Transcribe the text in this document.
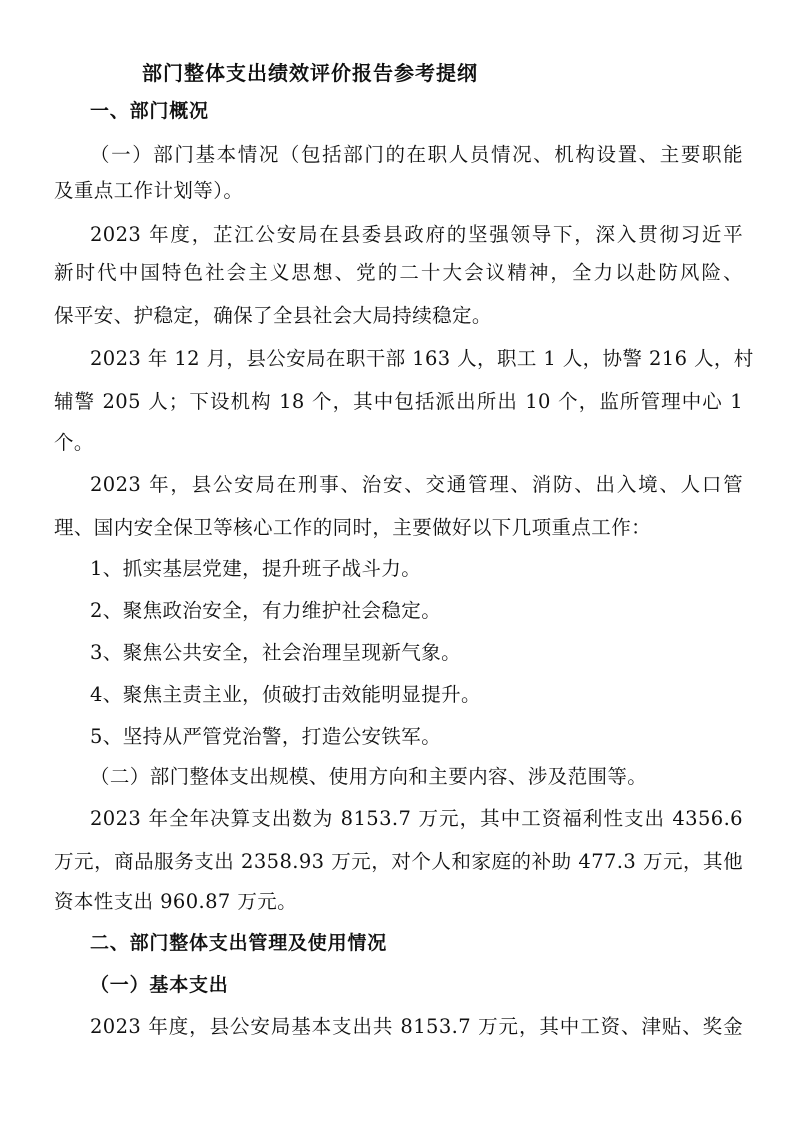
部门整体支出绩效评价报告参考提纲
一、部门概况
（一）部门基本情况（包括部门的在职人员情况、机构设置、主要职能
及重点工作计划等）。
2023 年度，芷江公安局在县委县政府的坚强领导下，深入贯彻习近平
新时代中国特色社会主义思想、党的二十大会议精神，全力以赴防风险、
保平安、护稳定，确保了全县社会大局持续稳定。
2023 年 12 月，县公安局在职干部 163 人，职工 1 人，协警 216 人，村
辅警 205 人；下设机构 18 个，其中包括派出所出 10 个，监所管理中心 1
个。
2023 年，县公安局在刑事、治安、交通管理、消防、出入境、人口管
理、国内安全保卫等核心工作的同时，主要做好以下几项重点工作：
1、抓实基层党建，提升班子战斗力。
2、聚焦政治安全，有力维护社会稳定。
3、聚焦公共安全，社会治理呈现新气象。
4、聚焦主责主业，侦破打击效能明显提升。
5、坚持从严管党治警，打造公安铁军。
（二）部门整体支出规模、使用方向和主要内容、涉及范围等。
2023 年全年决算支出数为 8153.7 万元，其中工资福利性支出 4356.6
万元，商品服务支出 2358.93 万元，对个人和家庭的补助 477.3 万元，其他
资本性支出 960.87 万元。
二、部门整体支出管理及使用情况
（一）基本支出
2023 年度，县公安局基本支出共 8153.7 万元，其中工资、津贴、奖金
